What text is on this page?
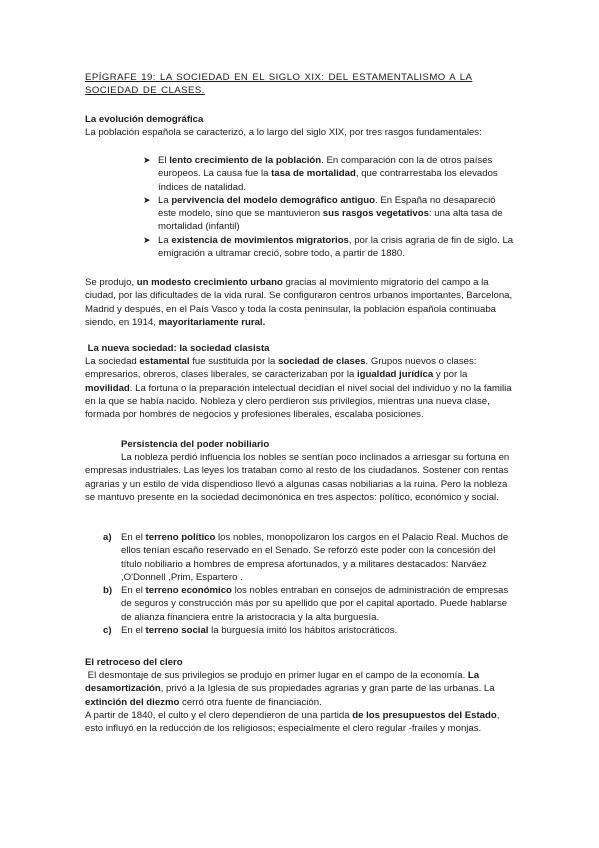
EPÍGRAFE 19: LA SOCIEDAD EN EL SIGLO XIX: DEL ESTAMENTALISMO A LA SOCIEDAD DE CLASES.

La evolución demográfica

La población española se caracterizó, a lo largo del siglo XIX, por tres rasgos fundamentales:

➤ El lento crecimiento de la población. En comparación con la de otros países europeos. La causa fue la tasa de mortalidad, que contrarrestaba los elevados índices de natalidad.
➤ La pervivencia del modelo demográfico antiguo. En España no desapareció este modelo, sino que se mantuvieron sus rasgos vegetativos: una alta tasa de mortalidad (infantil)
➤ La existencia de movimientos migratorios, por la crisis agraria de fin de siglo. La emigración a ultramar creció, sobre todo, a partir de 1880.

Se produjo, un modesto crecimiento urbano gracias al movimiento migratorio del campo a la ciudad, por las dificultades de la vida rural. Se configuraron centros urbanos importantes, Barcelona, Madrid y después, en el País Vasco y toda la costa peninsular, la población española continuaba siendo, en 1914, mayoritariamente rural.

La nueva sociedad: la sociedad clasista

La sociedad estamental fue sustituida por la sociedad de clases. Grupos nuevos o clases: empresarios, obreros, clases liberales, se caracterizaban por la igualdad jurídica y por la movilidad. La fortuna o la preparación intelectual decidían el nivel social del individuo y no la familia en la que se había nacido. Nobleza y clero perdieron sus privilegios, mientras una nueva clase, formada por hombres de negocios y profesiones liberales, escalaba posiciones.

Persistencia del poder nobiliario

La nobleza perdió influencia los nobles se sentían poco inclinados a arriesgar su fortuna en empresas industriales. Las leyes los trataban como al resto de los ciudadanos. Sostener con rentas agrarias y un estilo de vida dispendioso llevó a algunas casas nobiliarias a la ruina. Pero la nobleza se mantuvo presente en la sociedad decimonónica en tres aspectos: político, económico y social.

a) En el terreno político los nobles, monopolizaron los cargos en el Palacio Real. Muchos de ellos tenían escaño reservado en el Senado. Se reforzó este poder con la concesión del título nobiliario a hombres de empresa afortunados, y a militares destacados: Narváez ,O'Donnell ,Prim, Espartero .
b) En el terreno económico los nobles entraban en consejos de administración de empresas de seguros y construcción más por su apellido que por el capital aportado. Puede hablarse de alianza financiera entre la aristocracia y la alta burguesía.
c) En el terreno social la burguesía imitó los hábitos aristocráticos.

El retroceso del clero

El desmontaje de sus privilegios se produjo en primer lugar en el campo de la economía. La desamortización, privó a la Iglesia de sus propiedades agrarias y gran parte de las urbanas. La extinción del diezmo cerró otra fuente de financiación.

A partir de 1840, el culto y el clero dependieron de una partida de los presupuestos del Estado, esto influyó en la reducción de los religiosos; especialmente el clero regular -frailes y monjas.
